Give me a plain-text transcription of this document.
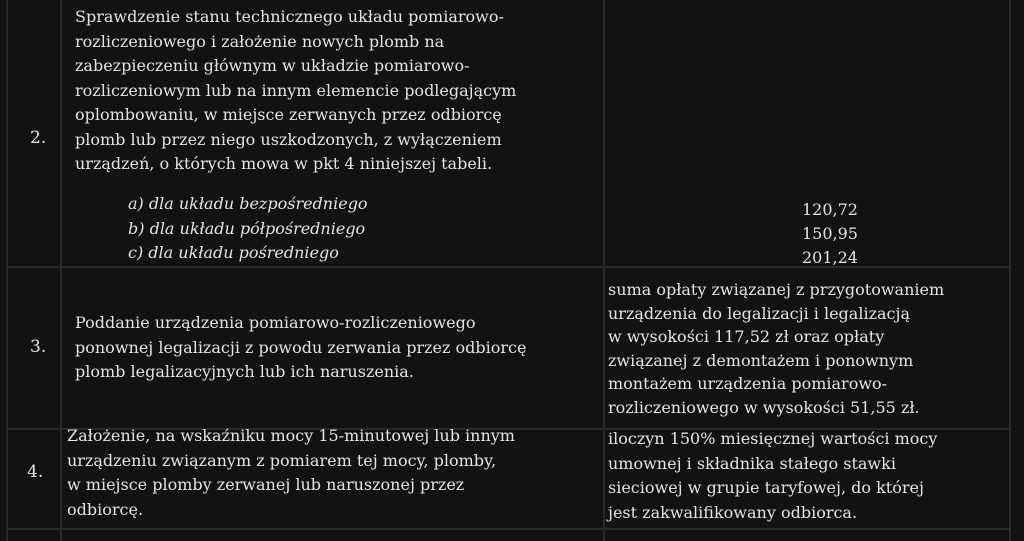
2.
Sprawdzenie stanu technicznego układu pomiarowo-
rozliczeniowego i założenie nowych plomb na
zabezpieczeniu głównym w układzie pomiarowo-
rozliczeniowym lub na innym elemencie podlegającym
oplombowaniu, w miejsce zerwanych przez odbiorcę
plomb lub przez niego uszkodzonych, z wyłączeniem
urządzeń, o których mowa w pkt 4 niniejszej tabeli.
a) dla układu bezpośredniego
b) dla układu półpośredniego
c) dla układu pośredniego
120,72
150,95
201,24
3.
Poddanie urządzenia pomiarowo-rozliczeniowego
ponownej legalizacji z powodu zerwania przez odbiorcę
plomb legalizacyjnych lub ich naruszenia.
suma opłaty związanej z przygotowaniem
urządzenia do legalizacji i legalizacją
w wysokości 117,52 zł oraz opłaty
związanej z demontażem i ponownym
montażem urządzenia pomiarowo-
rozliczeniowego w wysokości 51,55 zł.
4.
Założenie, na wskaźniku mocy 15-minutowej lub innym
urządzeniu związanym z pomiarem tej mocy, plomby,
w miejsce plomby zerwanej lub naruszonej przez
odbiorcę.
iloczyn 150% miesięcznej wartości mocy
umownej i składnika stałego stawki
sieciowej w grupie taryfowej, do której
jest zakwalifikowany odbiorca.
